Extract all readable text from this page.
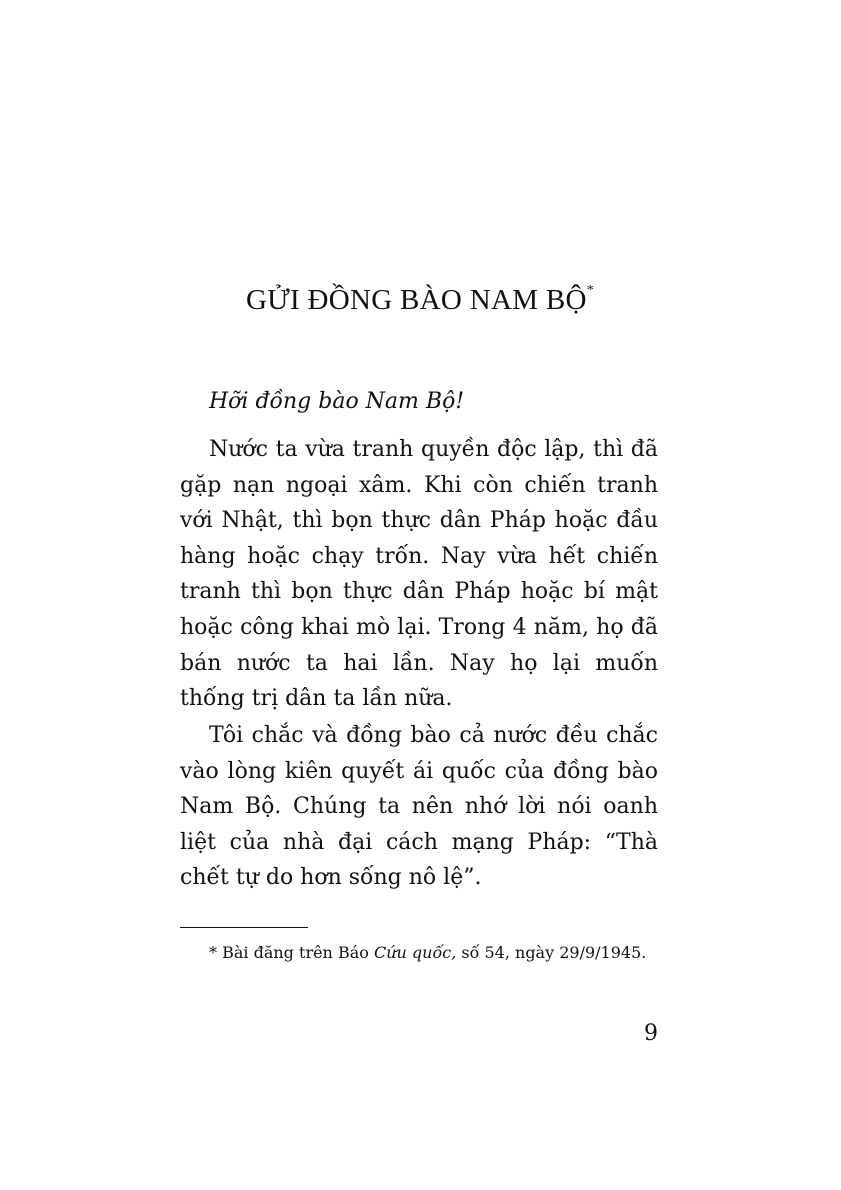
GỬI ĐỒNG BÀO NAM BỘ*

Hỡi đồng bào Nam Bộ!

Nước ta vừa tranh quyền độc lập, thì đã gặp nạn ngoại xâm. Khi còn chiến tranh với Nhật, thì bọn thực dân Pháp hoặc đầu hàng hoặc chạy trốn. Nay vừa hết chiến tranh thì bọn thực dân Pháp hoặc bí mật hoặc công khai mò lại. Trong 4 năm, họ đã bán nước ta hai lần. Nay họ lại muốn thống trị dân ta lần nữa.

Tôi chắc và đồng bào cả nước đều chắc vào lòng kiên quyết ái quốc của đồng bào Nam Bộ. Chúng ta nên nhớ lời nói oanh liệt của nhà đại cách mạng Pháp: “Thà chết tự do hơn sống nô lệ”.

* Bài đăng trên Báo Cứu quốc, số 54, ngày 29/9/1945.

9
